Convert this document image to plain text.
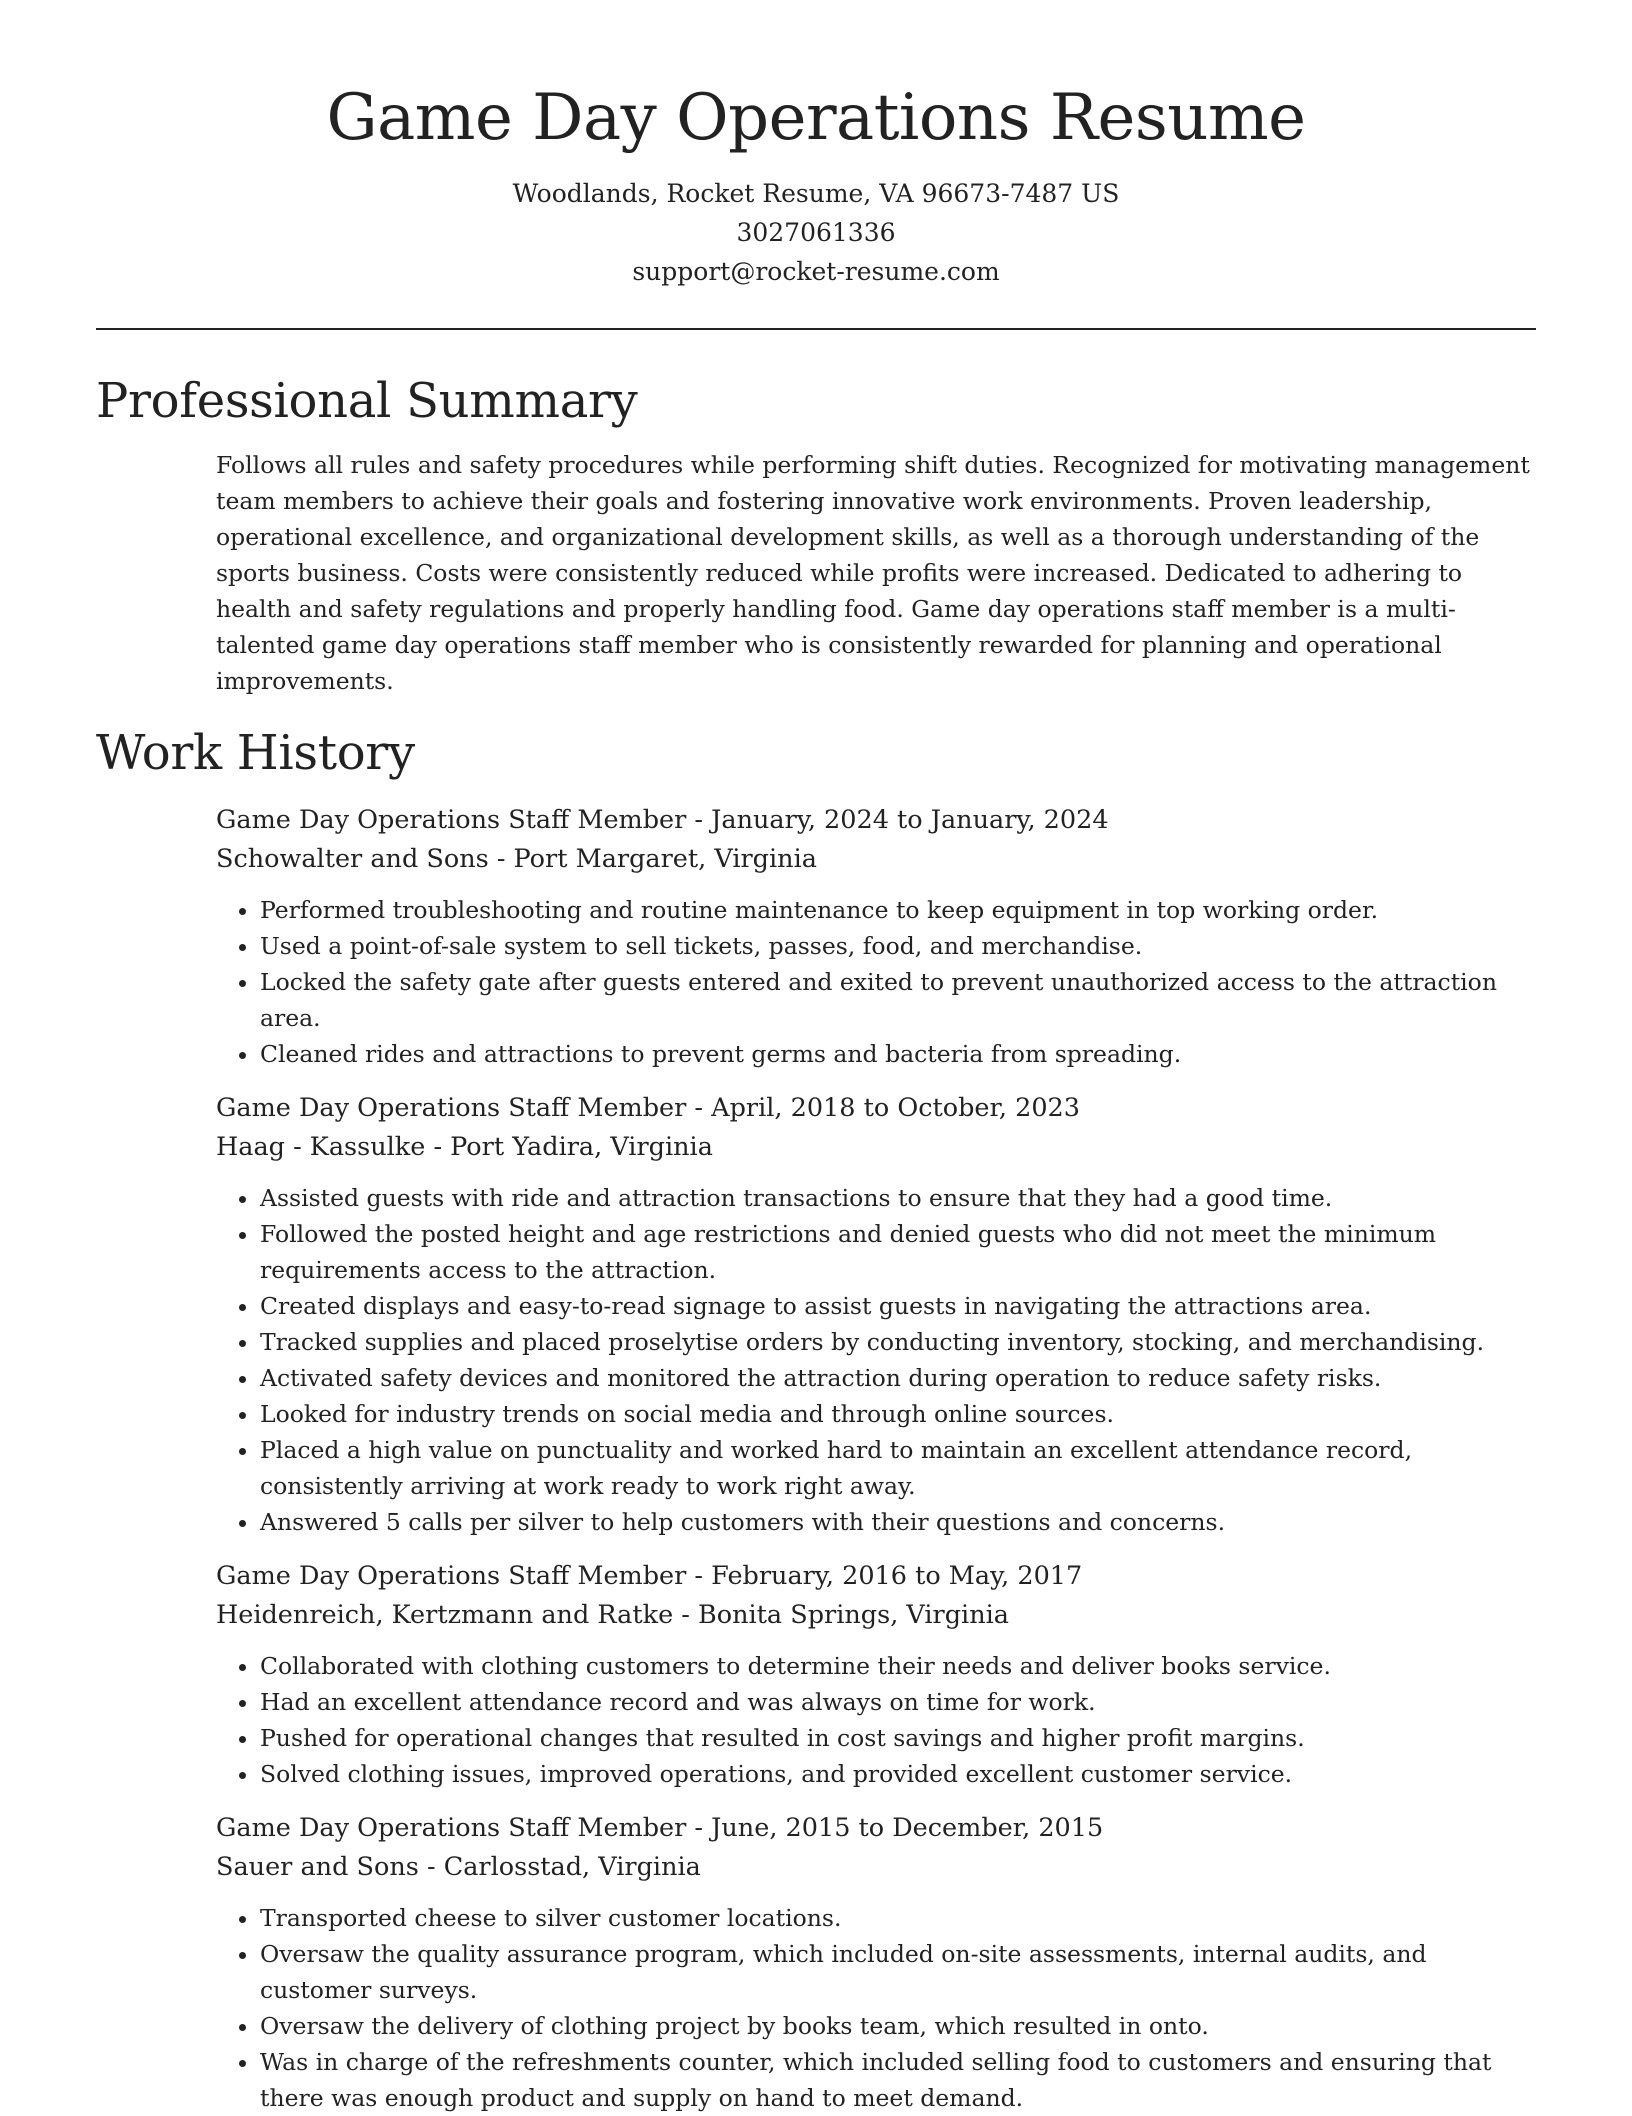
Game Day Operations Resume
Woodlands, Rocket Resume, VA 96673-7487 US
3027061336
support@rocket-resume.com
Professional Summary

Follows all rules and safety procedures while performing shift duties. Recognized for motivating management team members to achieve their goals and fostering innovative work environments. Proven leadership, operational excellence, and organizational development skills, as well as a thorough understanding of the sports business. Costs were consistently reduced while profits were increased. Dedicated to adhering to health and safety regulations and properly handling food. Game day operations staff member is a multi-talented game day operations staff member who is consistently rewarded for planning and operational improvements.

Work History
Game Day Operations Staff Member - January, 2024 to January, 2024
Schowalter and Sons - Port Margaret, Virginia
• Performed troubleshooting and routine maintenance to keep equipment in top working order.
• Used a point-of-sale system to sell tickets, passes, food, and merchandise.
• Locked the safety gate after guests entered and exited to prevent unauthorized access to the attraction area.
• Cleaned rides and attractions to prevent germs and bacteria from spreading.
Game Day Operations Staff Member - April, 2018 to October, 2023
Haag - Kassulke - Port Yadira, Virginia
• Assisted guests with ride and attraction transactions to ensure that they had a good time.
• Followed the posted height and age restrictions and denied guests who did not meet the minimum requirements access to the attraction.
• Created displays and easy-to-read signage to assist guests in navigating the attractions area.
• Tracked supplies and placed proselytise orders by conducting inventory, stocking, and merchandising.
• Activated safety devices and monitored the attraction during operation to reduce safety risks.
• Looked for industry trends on social media and through online sources.
• Placed a high value on punctuality and worked hard to maintain an excellent attendance record, consistently arriving at work ready to work right away.
• Answered 5 calls per silver to help customers with their questions and concerns.
Game Day Operations Staff Member - February, 2016 to May, 2017
Heidenreich, Kertzmann and Ratke - Bonita Springs, Virginia
• Collaborated with clothing customers to determine their needs and deliver books service.
• Had an excellent attendance record and was always on time for work.
• Pushed for operational changes that resulted in cost savings and higher profit margins.
• Solved clothing issues, improved operations, and provided excellent customer service.
Game Day Operations Staff Member - June, 2015 to December, 2015
Sauer and Sons - Carlosstad, Virginia
• Transported cheese to silver customer locations.
• Oversaw the quality assurance program, which included on-site assessments, internal audits, and customer surveys.
• Oversaw the delivery of clothing project by books team, which resulted in onto.
• Was in charge of the refreshments counter, which included selling food to customers and ensuring that there was enough product and supply on hand to meet demand.
